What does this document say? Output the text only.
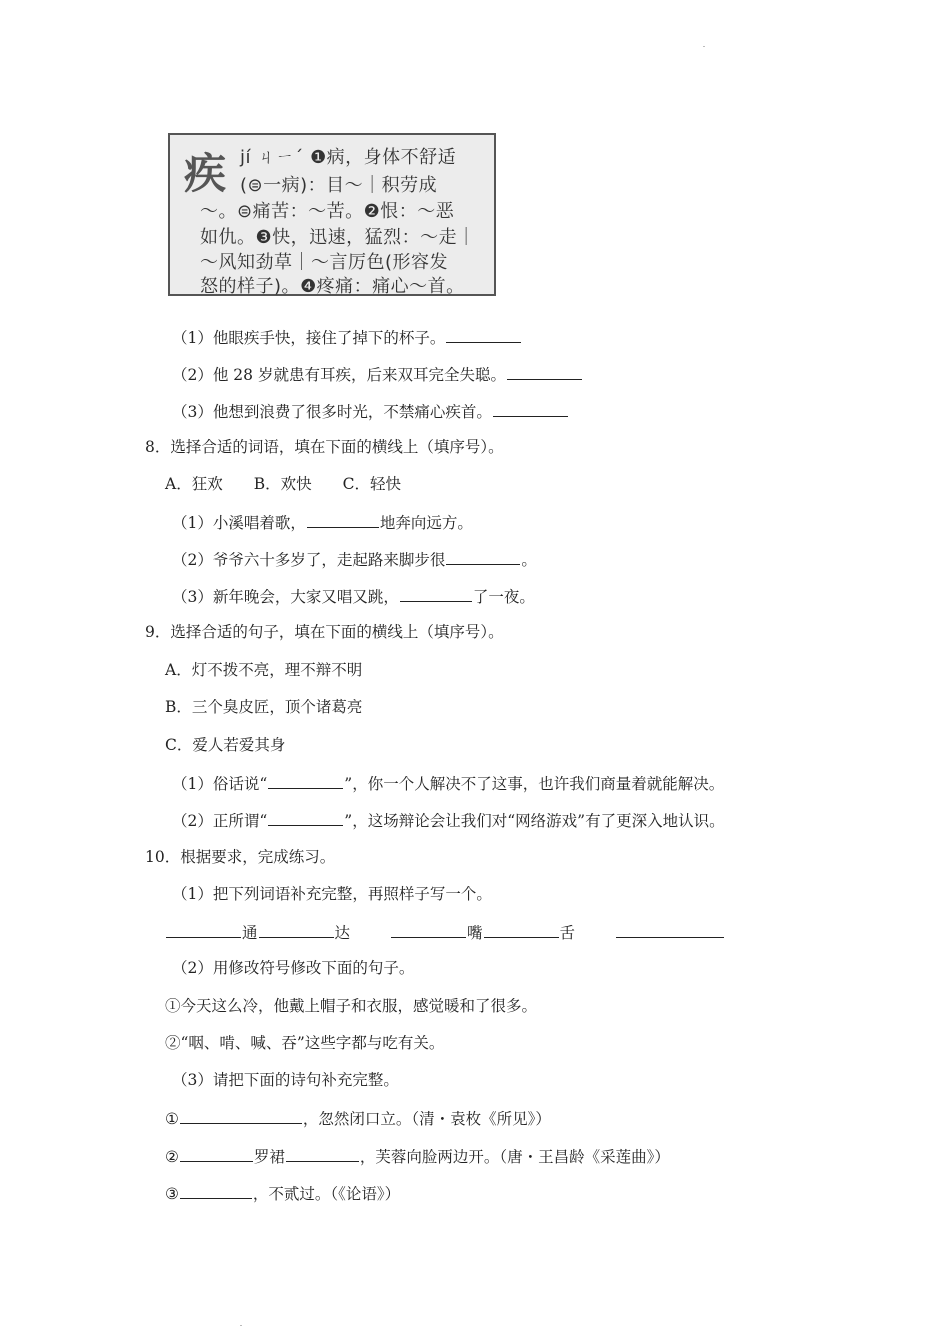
疾 jí ㄐㄧˊ ❶病，身体不舒适
(⊜一病)：目～｜积劳成
～。⊜痛苦：～苦。❷恨：～恶
如仇。❸快，迅速，猛烈：～走｜
～风知劲草｜～言厉色(形容发
怒的样子)。❹疼痛：痛心～首。
（1）他眼疾手快，接住了掉下的杯子。
（2）他 28 岁就患有耳疾，后来双耳完全失聪。
（3）他想到浪费了很多时光，不禁痛心疾首。
8．选择合适的词语，填在下面的横线上（填序号）。
A．狂欢　　B．欢快　　C．轻快
（1）小溪唱着歌，	地奔向远方。
（2）爷爷六十多岁了，走起路来脚步很	。
（3）新年晚会，大家又唱又跳，	了一夜。
9．选择合适的句子，填在下面的横线上（填序号）。
A．灯不拨不亮，理不辩不明
B．三个臭皮匠，顶个诸葛亮
C．爱人若爱其身
（1）俗话说“	”，你一个人解决不了这事，也许我们商量着就能解决。
（2）正所谓“	”，这场辩论会让我们对“网络游戏”有了更深入地认识。
10．根据要求，完成练习。
（1）把下列词语补充完整，再照样子写一个。
通	达	嘴	舌
（2）用修改符号修改下面的句子。
①今天这么冷，他戴上帽子和衣服，感觉暖和了很多。
②“咽、啃、喊、吞”这些字都与吃有关。
（3）请把下面的诗句补充完整。
①	，忽然闭口立。（清・袁枚《所见》）
②	罗裙	，芙蓉向脸两边开。（唐・王昌龄《采莲曲》）
③	，不贰过。（《论语》）
